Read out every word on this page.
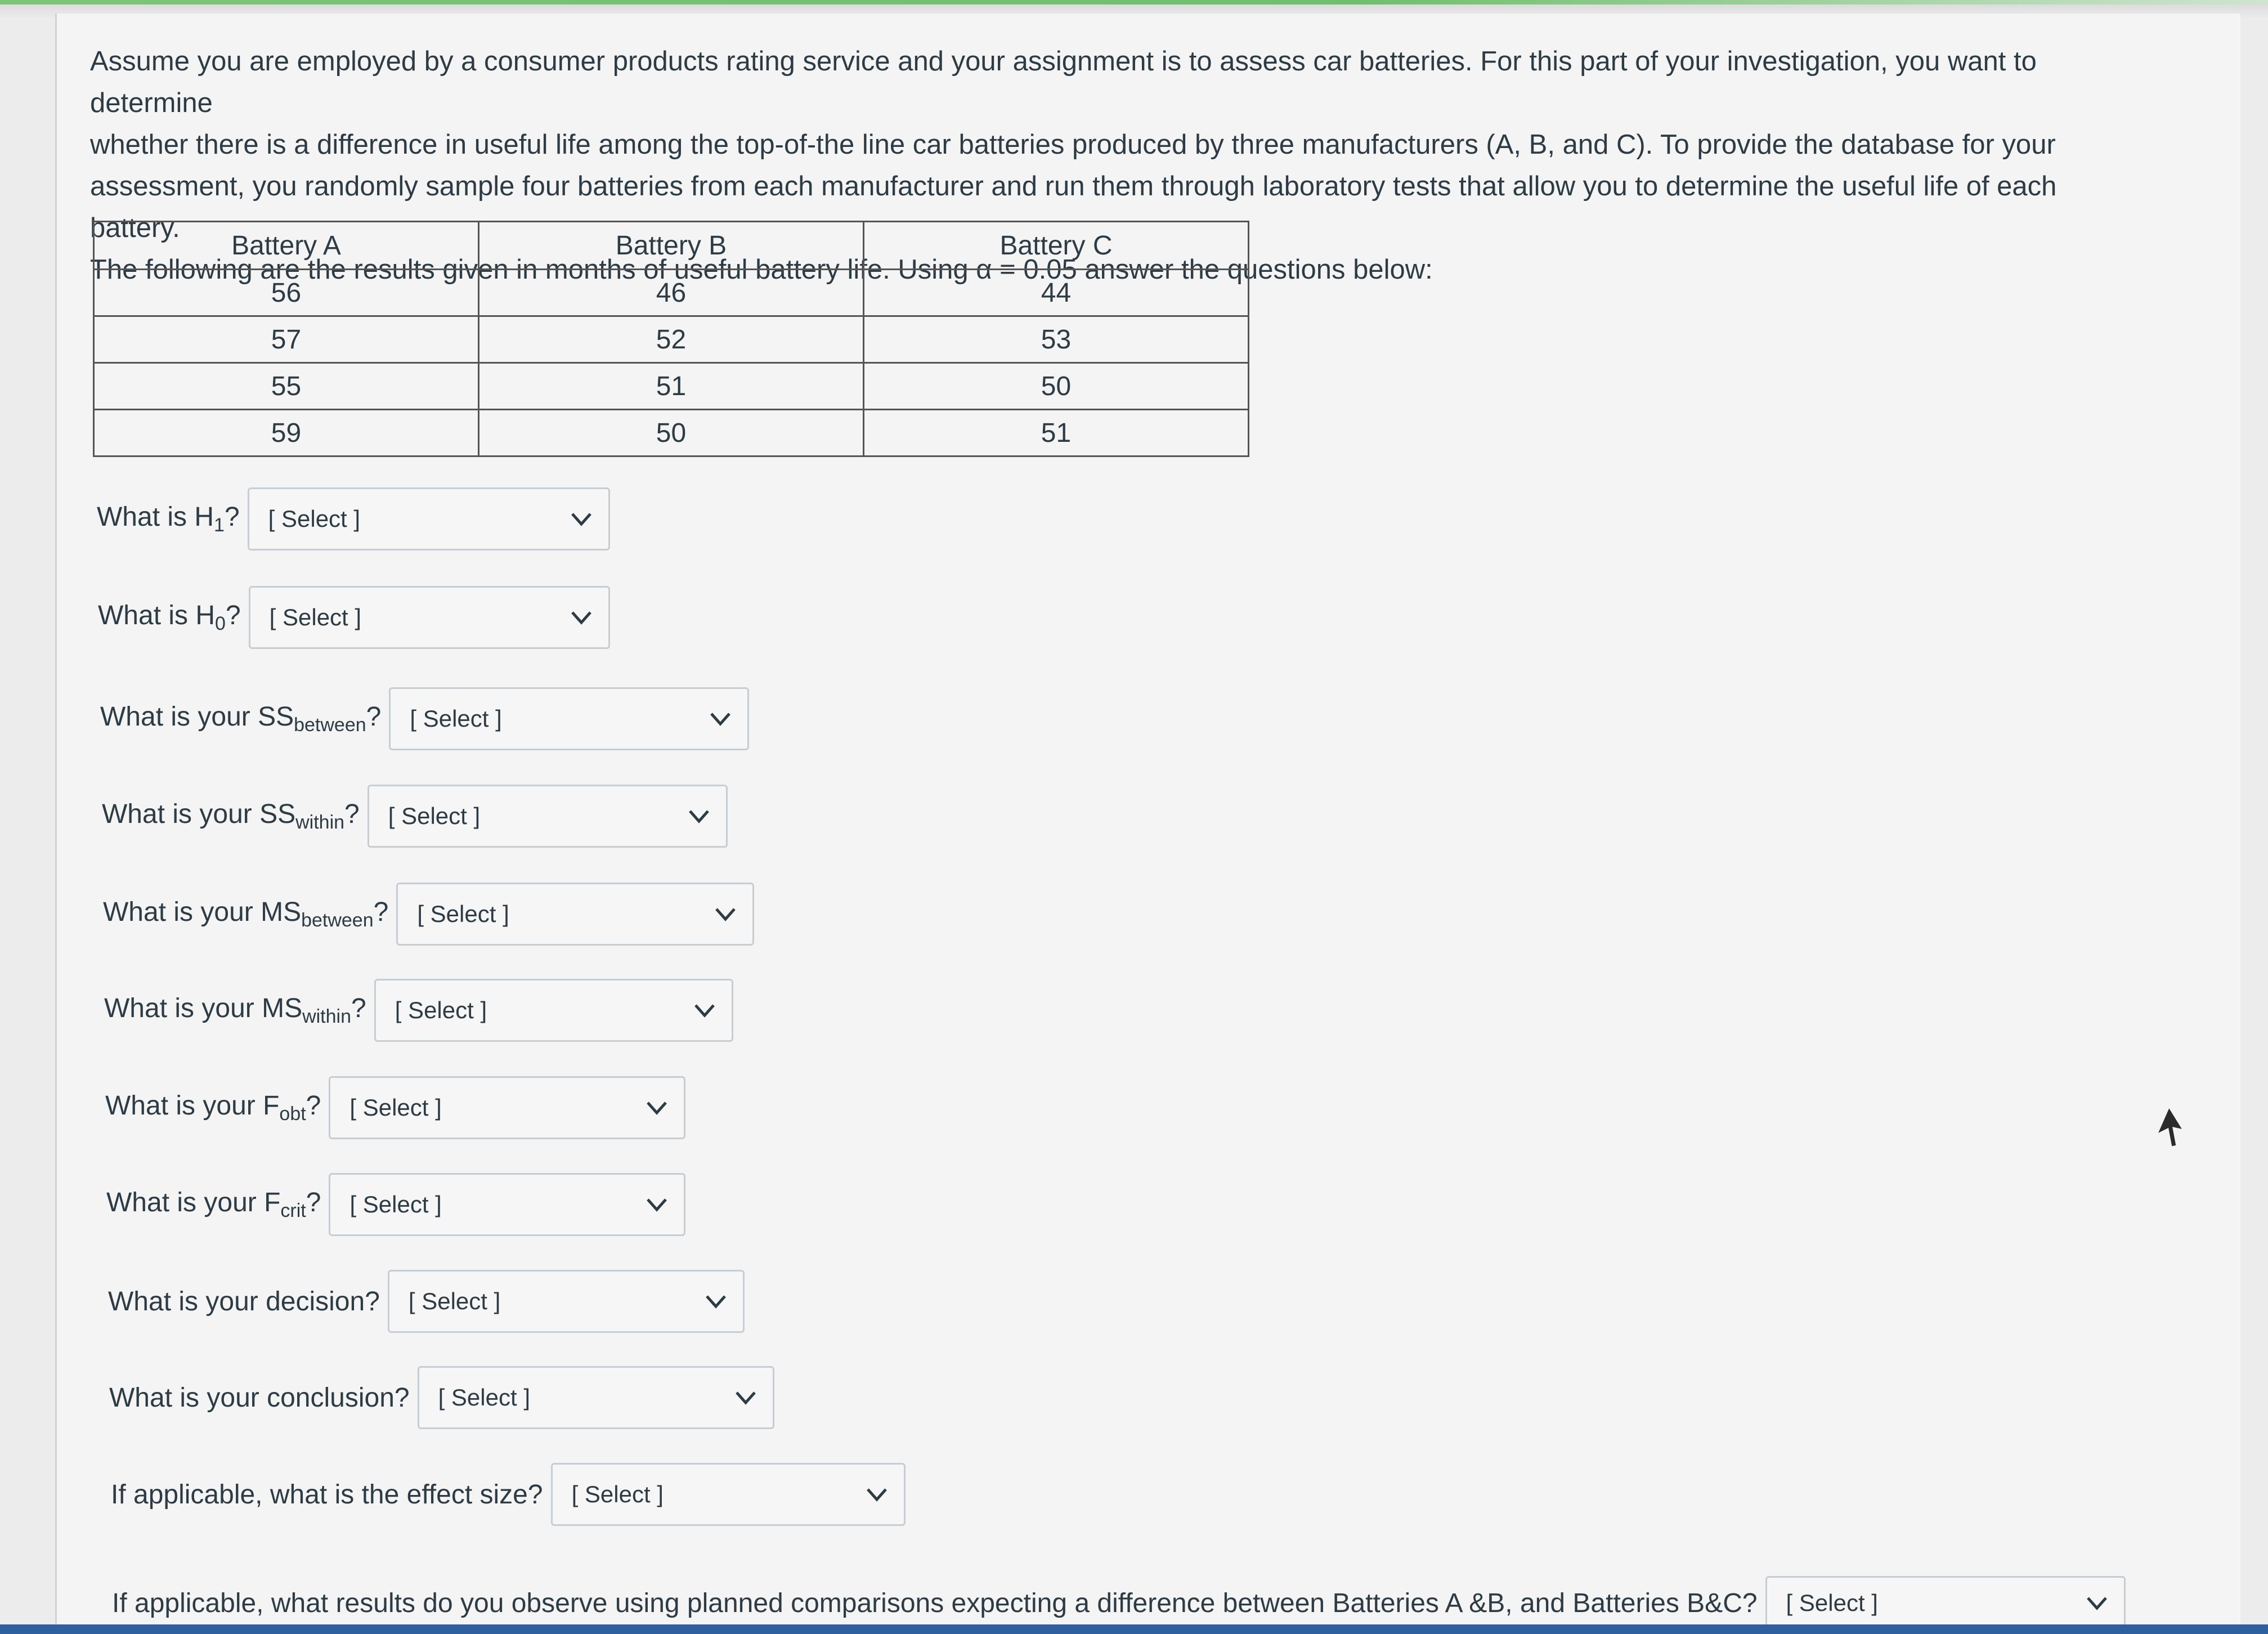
Assume you are employed by a consumer products rating service and your assignment is to assess car batteries. For this part of your investigation, you want to determine

whether there is a difference in useful life among the top-of-the line car batteries produced by three manufacturers (A, B, and C). To provide the database for your

assessment, you randomly sample four batteries from each manufacturer and run them through laboratory tests that allow you to determine the useful life of each battery.

The following are the results given in months of useful battery life. Using α = 0.05 answer the questions below:

Battery A	Battery B	Battery C
56	46	44
57	52	53
55	51	50
59	50	51
What is $H_1$? [ Select ]
What is $H_0$? [ Select ]
What is your $SS_{between}$? [ Select ]
What is your $SS_{within}$? [ Select ]
What is your $MS_{between}$? [ Select ]
What is your $MS_{within}$? [ Select ]
What is your $F_{obt}$? [ Select ]
What is your $F_{crit}$? [ Select ]
What is your decision? [ Select ]
What is your conclusion? [ Select ]
If applicable, what is the effect size? [ Select ]
If applicable, what results do you observe using planned comparisons expecting a difference between Batteries A &B, and Batteries B&C? [ Select ]
